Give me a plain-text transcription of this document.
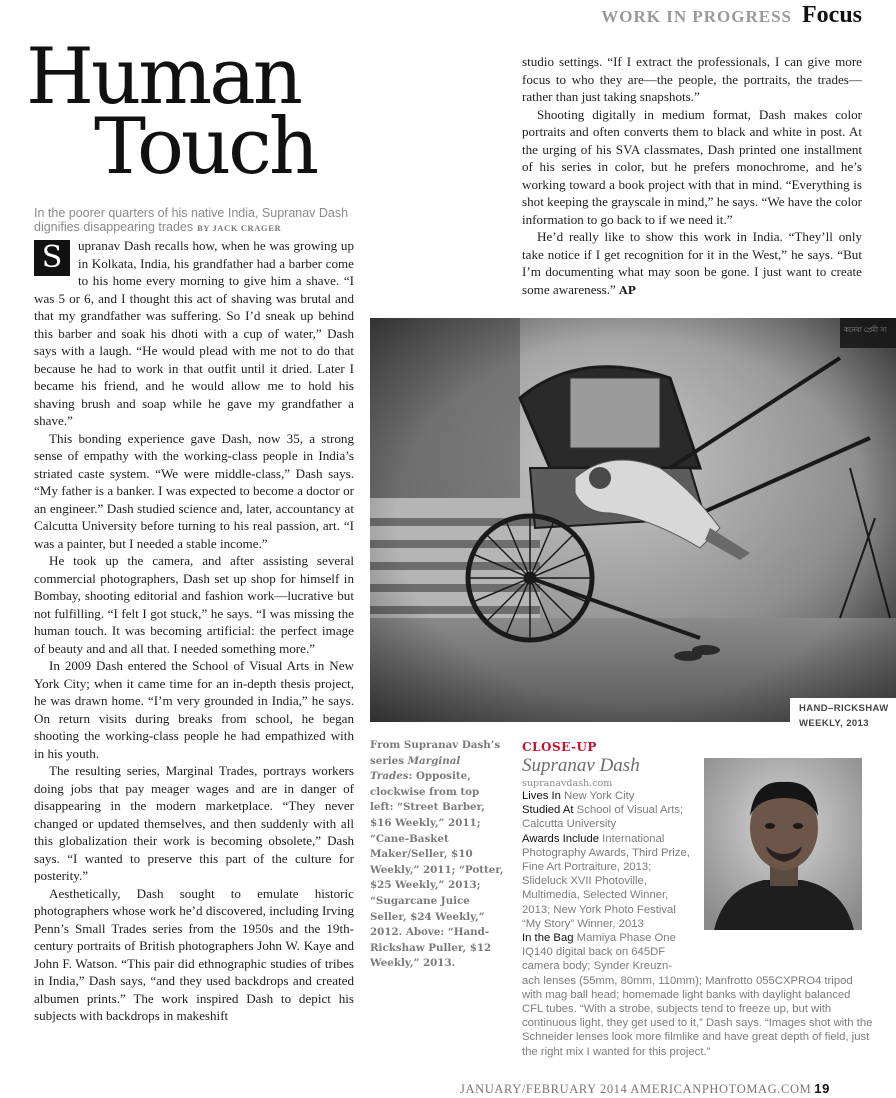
WORK IN PROGRESS Focus
Human
Touch
In the poorer quarters of his native India, Supranav Dash dignifies disappearing trades BY JACK CRAGER

S	upranav Dash recalls how, when he was growing up in Kolkata, India, his grandfather had a barber come to his home every morning to give him a shave. “I was 5 or 6, and I thought this act of shaving was brutal and that my grandfather was suffering. So I’d sneak up behind this barber and soak his dhoti with a cup of water,” Dash says with a laugh. “He would plead with me not to do that because he had to work in that outfit until it dried. Later I became his friend, and he would allow me to hold his shaving brush and soap while he gave my grandfather a shave.”

This bonding experience gave Dash, now 35, a strong sense of empathy with the working-class people in India’s striated caste system. “We were middle-class,” Dash says. “My father is a banker. I was expected to become a doctor or an engineer.” Dash studied science and, later, accountancy at Calcutta University before turning to his real passion, art. “I was a painter, but I needed a stable income.”

He took up the camera, and after assisting several commercial photographers, Dash set up shop for himself in Bombay, shooting editorial and fashion work—lucrative but not fulfilling. “I felt I got stuck,” he says. “I was missing the human touch. It was becoming artificial: the perfect image of beauty and and all that. I needed something more.”

In 2009 Dash entered the School of Visual Arts in New York City; when it came time for an in-depth thesis project, he was drawn home. “I’m very grounded in India,” he says. On return visits during breaks from school, he began shooting the working-class people he had empathized with in his youth.

The resulting series, Marginal Trades, portrays workers doing jobs that pay meager wages and are in danger of disappearing in the modern marketplace. “They never changed or updated themselves, and then suddenly with all this globalization their work is becoming obsolete,” Dash says. “I wanted to preserve this part of the culture for posterity.”

Aesthetically, Dash sought to emulate historic photographers whose work he’d discovered, including Irving Penn’s Small Trades series from the 1950s and the 19th-century portraits of British photographers John W. Kaye and John F. Watson. “This pair did ethnographic studies of tribes in India,” Dash says, “and they used backdrops and created albumen prints.” The work inspired Dash to depict his subjects with backdrops in makeshift

studio settings. “If I extract the professionals, I can give more focus to who they are—the people, the portraits, the trades—rather than just taking snapshots.”

Shooting digitally in medium format, Dash makes color portraits and often converts them to black and white in post. At the urging of his SVA classmates, Dash printed one installment of his series in color, but he prefers monochrome, and he’s working toward a book project with that in mind. “Everything is shot keeping the grayscale in mind,” he says. “We have the color information to go back to if we need it.”

He’d really like to show this work in India. “They’ll only take notice if I get recognition for it in the West,” he says. “But I’m documenting what may soon be gone. I just want to create some awareness.” AP

HAND–RICKSHAW
WEEKLY, 2013
From Supranav Dash’s series Marginal Trades: Opposite, clockwise from top left: “Street Barber, $16 Weekly,” 2011; “Cane-Basket Maker/Seller, $10 Weekly,” 2011; “Potter, $25 Weekly,” 2013; “Sugarcane Juice Seller, $24 Weekly,” 2012. Above: “Hand-Rickshaw Puller, $12 Weekly,” 2013.
CLOSE-UP
Supranav Dash
supranavdash.com
Lives In New York City
Studied At School of Visual Arts; Calcutta University
Awards Include International Photography Awards, Third Prize, Fine Art Portraiture, 2013; Slideluck XVII Photoville, Multimedia, Selected Winner, 2013; New York Photo Festival “My Story” Winner, 2013
In the Bag Mamiya Phase One IQ140 digital back on 645DF camera body; Synder Kreuzn-
ach lenses (55mm, 80mm, 110mm); Manfrotto 055CXPRO4 tripod with mag ball head; homemade light banks with daylight balanced CFL tubes. “With a strobe, subjects tend to freeze up, but with continuous light, they get used to it,” Dash says. “Images shot with the Schneider lenses look more filmlike and have great depth of field, just the right mix I wanted for this project.”
JANUARY/FEBRUARY 2014 AMERICANPHOTOMAG.COM 19
